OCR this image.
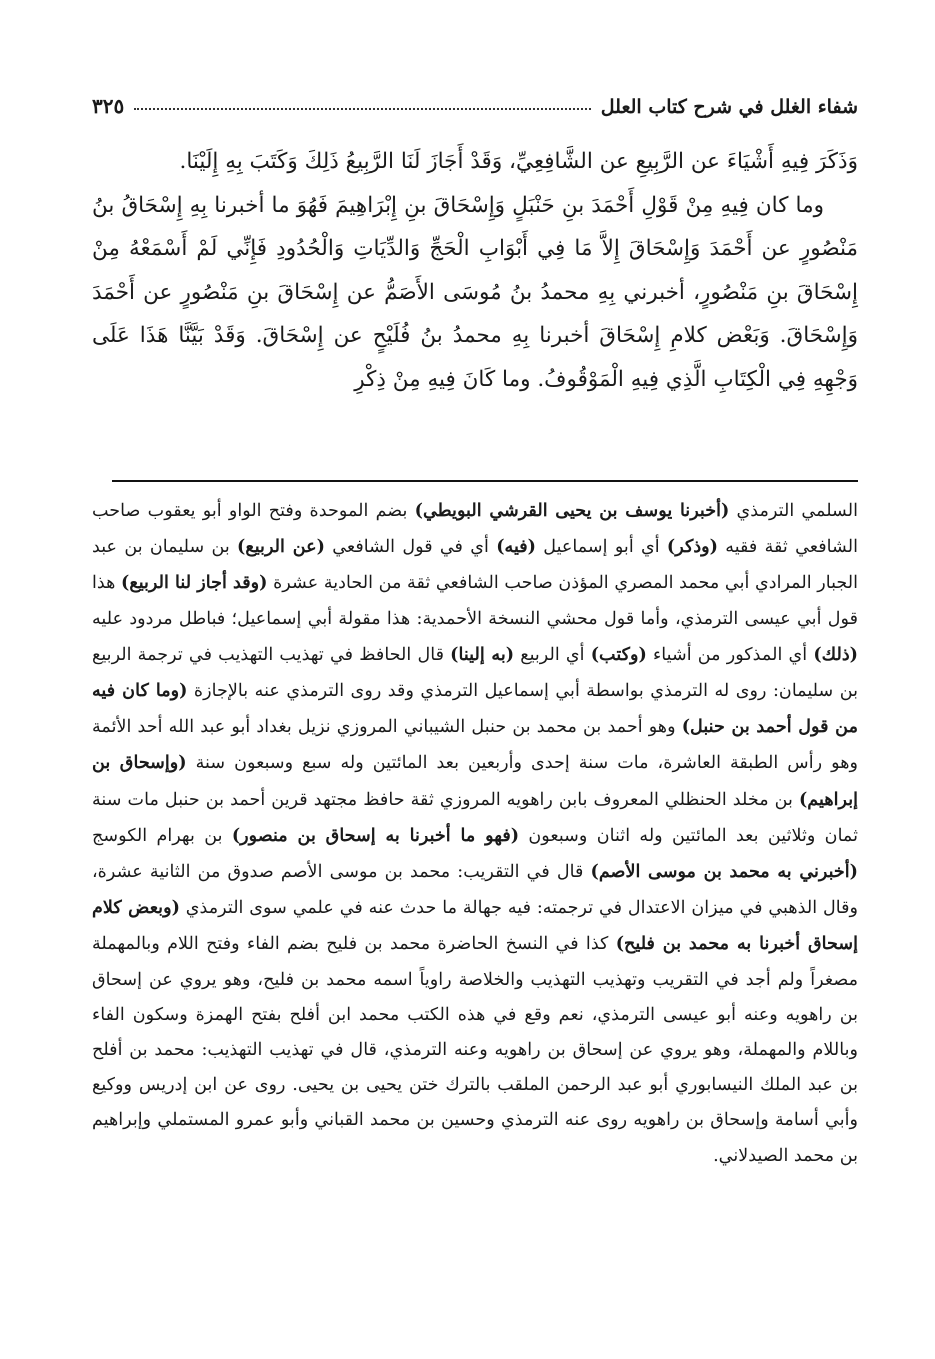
شفاء الغلل في شرح كتاب العلل
٣٢٥

وَذَكَرَ فِيهِ أَشْيَاءَ عن الرَّبِيعِ عن الشَّافِعِيِّ، وَقَدْ أَجَازَ لَنَا الرَّبِيعُ ذَلِكَ وَكَتَبَ بِهِ إِلَيْنَا.

وما كان فِيهِ مِنْ قَوْلِ أَحْمَدَ بنِ حَنْبَلٍ وَإِسْحَاقَ بنِ إِبْرَاهِيمَ فَهُوَ ما أخبرنا بِهِ إِسْحَاقُ بنُ مَنْصُورٍ عن أَحْمَدَ وَإِسْحَاقَ إِلاَّ مَا فِي أَبْوَابِ الْحَجِّ وَالدِّيَاتِ وَالْحُدُودِ فَإِنِّي لَمْ أَسْمَعْهُ مِنْ إِسْحَاقَ بنِ مَنْصُورٍ، أخبرني بِهِ محمدُ بنُ مُوسَى الأَصَمُّ عن إِسْحَاقَ بنِ مَنْصُورٍ عن أَحْمَدَ وَإِسْحَاقَ. وَبَعْض كلامِ إِسْحَاقَ أخبرنا بِهِ محمدُ بنُ فُلَيْحٍ عن إِسْحَاقَ. وَقَدْ بَيَّنَّا هَذَا عَلَى وَجْهِهِ فِي الْكِتَابِ الَّذِي فِيهِ الْمَوْقُوفُ. وما كَانَ فِيهِ مِنْ ذِكْرِ

السلمي الترمذي (أخبرنا يوسف بن يحيى القرشي البويطي) بضم الموحدة وفتح الواو أبو يعقوب صاحب الشافعي ثقة فقيه (وذكر) أي أبو إسماعيل (فيه) أي في قول الشافعي (عن الربيع) بن سليمان بن عبد الجبار المرادي أبي محمد المصري المؤذن صاحب الشافعي ثقة من الحادية عشرة (وقد أجاز لنا الربيع) هذا قول أبي عيسى الترمذي، وأما قول محشي النسخة الأحمدية: هذا مقولة أبي إسماعيل؛ فباطل مردود عليه (ذلك) أي المذكور من أشياء (وكتب) أي الربيع (به إلينا) قال الحافظ في تهذيب التهذيب في ترجمة الربيع بن سليمان: روى له الترمذي بواسطة أبي إسماعيل الترمذي وقد روى الترمذي عنه بالإجازة (وما كان فيه من قول أحمد بن حنبل) وهو أحمد بن محمد بن حنبل الشيباني المروزي نزيل بغداد أبو عبد الله أحد الأئمة وهو رأس الطبقة العاشرة، مات سنة إحدى وأربعين بعد المائتين وله سبع وسبعون سنة (وإسحاق بن إبراهيم) بن مخلد الحنظلي المعروف بابن راهويه المروزي ثقة حافظ مجتهد قرين أحمد بن حنبل مات سنة ثمان وثلاثين بعد المائتين وله اثنان وسبعون (فهو ما أخبرنا به إسحاق بن منصور) بن بهرام الكوسج (أخبرني به محمد بن موسى الأصم) قال في التقريب: محمد بن موسى الأصم صدوق من الثانية عشرة، وقال الذهبي في ميزان الاعتدال في ترجمته: فيه جهالة ما حدث عنه في علمي سوى الترمذي (وبعض كلام إسحاق أخبرنا به محمد بن فليح) كذا في النسخ الحاضرة محمد بن فليح بضم الفاء وفتح اللام وبالمهملة مصغراً ولم أجد في التقريب وتهذيب التهذيب والخلاصة راوياً اسمه محمد بن فليح، وهو يروي عن إسحاق بن راهويه وعنه أبو عيسى الترمذي، نعم وقع في هذه الكتب محمد ابن أفلح بفتح الهمزة وسكون الفاء وباللام والمهملة، وهو يروي عن إسحاق بن راهويه وعنه الترمذي، قال في تهذيب التهذيب: محمد بن أفلح بن عبد الملك النيسابوري أبو عبد الرحمن الملقب بالترك ختن يحيى بن يحيى. روى عن ابن إدريس ووكيع وأبي أسامة وإسحاق بن راهويه روى عنه الترمذي وحسين بن محمد القباني وأبو عمرو المستملي وإبراهيم بن محمد الصيدلاني.
